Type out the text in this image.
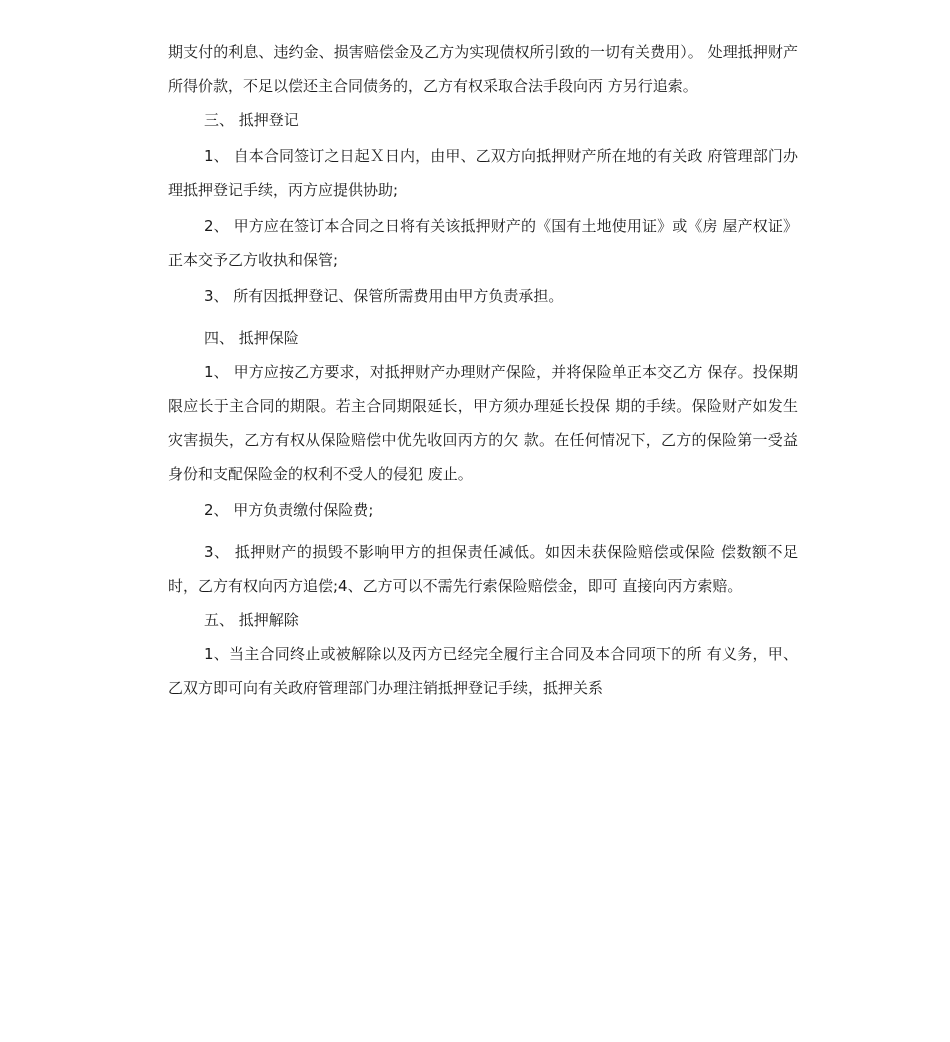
期支付的利息、违约金、损害赔偿金及乙方为实现债权所引致的一切有关费用）。 处理抵押财产所得价款，不足以偿还主合同债务的，乙方有权采取合法手段向丙 方另行追索。

三、 抵押登记

1、 自本合同签订之日起Ｘ日内，由甲、乙双方向抵押财产所在地的有关政 府管理部门办理抵押登记手续，丙方应提供协助;

2、 甲方应在签订本合同之日将有关该抵押财产的《国有土地使用证》或《房 屋产权证》正本交予乙方收执和保管;

3、 所有因抵押登记、保管所需费用由甲方负责承担。

四、 抵押保险

1、 甲方应按乙方要求，对抵押财产办理财产保险，并将保险单正本交乙方 保存。投保期限应长于主合同的期限。若主合同期限延长，甲方须办理延长投保 期的手续。保险财产如发生灾害损失，乙方有权从保险赔偿中优先收回丙方的欠 款。在任何情况下，乙方的保险第一受益身份和支配保险金的权利不受人的侵犯 废止。

2、 甲方负责缴付保险费;

3、 抵押财产的损毁不影响甲方的担保责任减低。如因未获保险赔偿或保险 偿数额不足时，乙方有权向丙方追偿;4、乙方可以不需先行索保险赔偿金，即可 直接向丙方索赔。

五、 抵押解除

1、当主合同终止或被解除以及丙方已经完全履行主合同及本合同项下的所 有义务，甲、乙双方即可向有关政府管理部门办理注销抵押登记手续，抵押关系
